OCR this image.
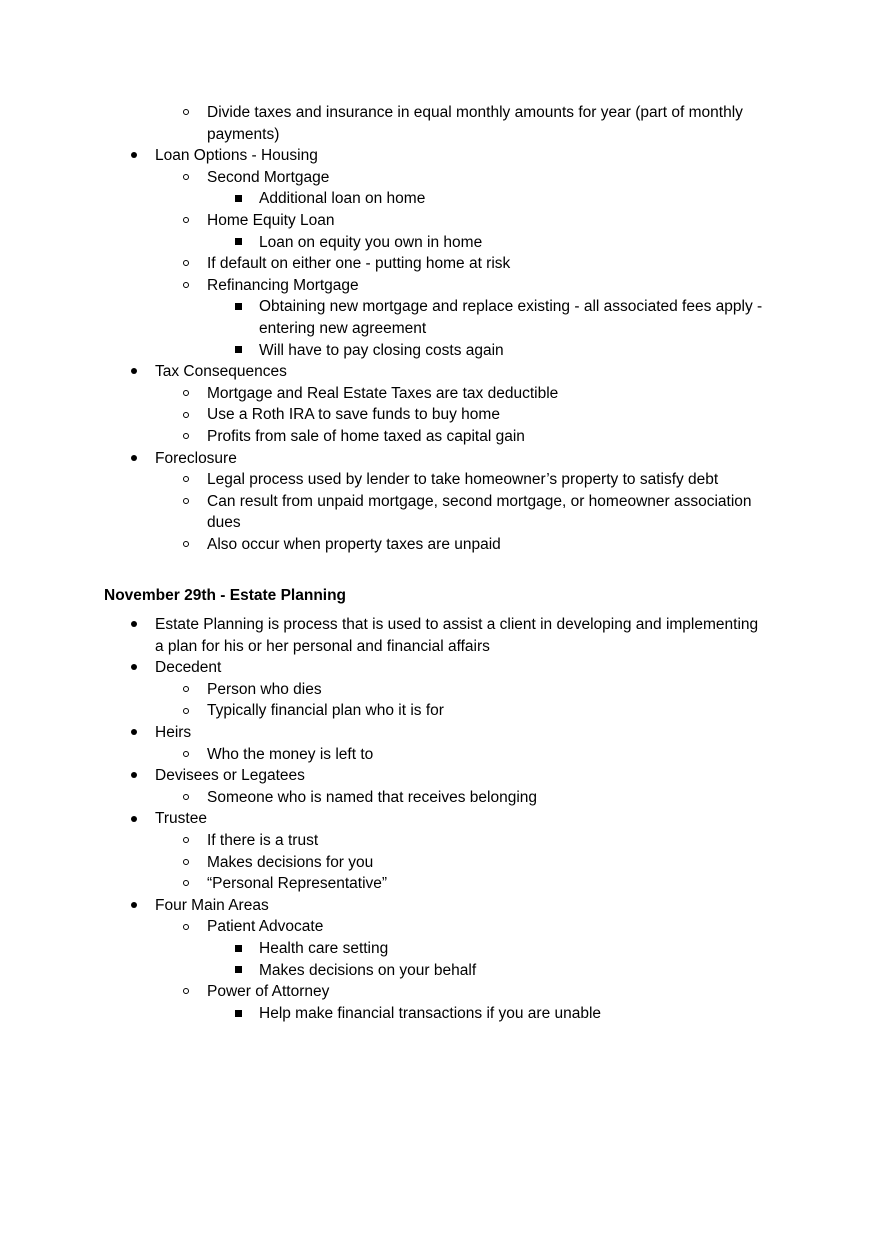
Divide taxes and insurance in equal monthly amounts for year (part of monthly
payments)
Loan Options - Housing
Second Mortgage
Additional loan on home
Home Equity Loan
Loan on equity you own in home
If default on either one - putting home at risk
Refinancing Mortgage
Obtaining new mortgage and replace existing - all associated fees apply -
entering new agreement
Will have to pay closing costs again
Tax Consequences
Mortgage and Real Estate Taxes are tax deductible
Use a Roth IRA to save funds to buy home
Profits from sale of home taxed as capital gain
Foreclosure
Legal process used by lender to take homeowner’s property to satisfy debt
Can result from unpaid mortgage, second mortgage, or homeowner association
dues
Also occur when property taxes are unpaid
November 29th - Estate Planning
Estate Planning is process that is used to assist a client in developing and implementing
a plan for his or her personal and financial affairs
Decedent
Person who dies
Typically financial plan who it is for
Heirs
Who the money is left to
Devisees or Legatees
Someone who is named that receives belonging
Trustee
If there is a trust
Makes decisions for you
“Personal Representative”
Four Main Areas
Patient Advocate
Health care setting
Makes decisions on your behalf
Power of Attorney
Help make financial transactions if you are unable
